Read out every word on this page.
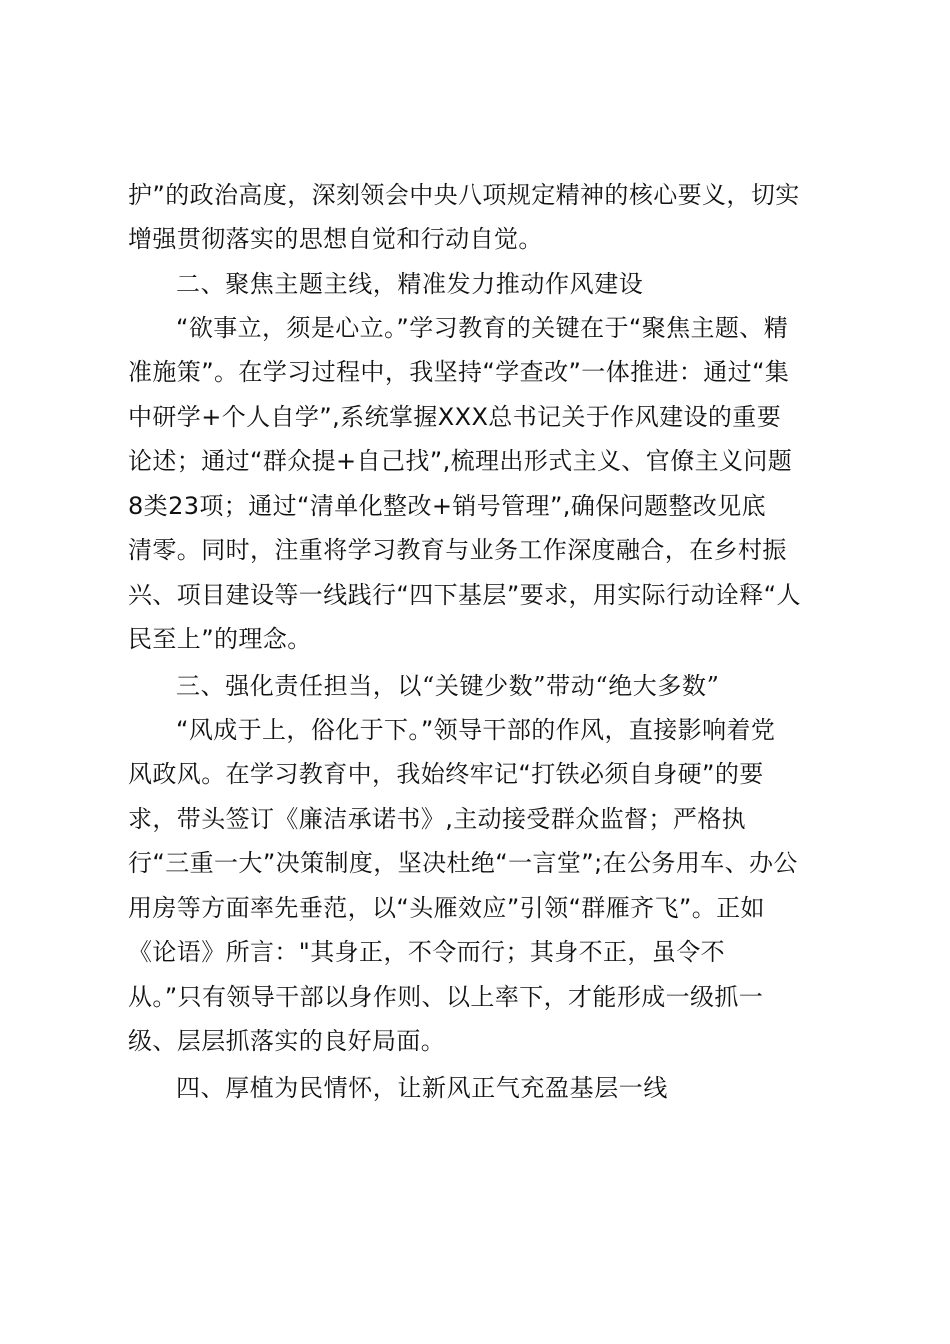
护”的政治高度，深刻领会中央八项规定精神的核心要义，切实
增强贯彻落实的思想自觉和行动自觉。
二、聚焦主题主线，精准发力推动作风建设
“欲事立，须是心立。”学习教育的关键在于“聚焦主题、精
准施策”。在学习过程中，我坚持“学查改”一体推进：通过“集
中研学+个人自学”,系统掌握XXX总书记关于作风建设的重要
论述；通过“群众提+自己找”,梳理出形式主义、官僚主义问题
8类23项；通过“清单化整改+销号管理”,确保问题整改见底
清零。同时，注重将学习教育与业务工作深度融合，在乡村振
兴、项目建设等一线践行“四下基层”要求，用实际行动诠释“人
民至上”的理念。
三、强化责任担当，以“关键少数”带动“绝大多数”
“风成于上，俗化于下。”领导干部的作风，直接影响着党
风政风。在学习教育中，我始终牢记“打铁必须自身硬”的要
求，带头签订《廉洁承诺书》,主动接受群众监督；严格执
行“三重一大”决策制度，坚决杜绝“一言堂”;在公务用车、办公
用房等方面率先垂范，以“头雁效应”引领“群雁齐飞”。正如
《论语》所言："其身正，不令而行；其身不正，虽令不
从。”只有领导干部以身作则、以上率下，才能形成一级抓一
级、层层抓落实的良好局面。
四、厚植为民情怀，让新风正气充盈基层一线
